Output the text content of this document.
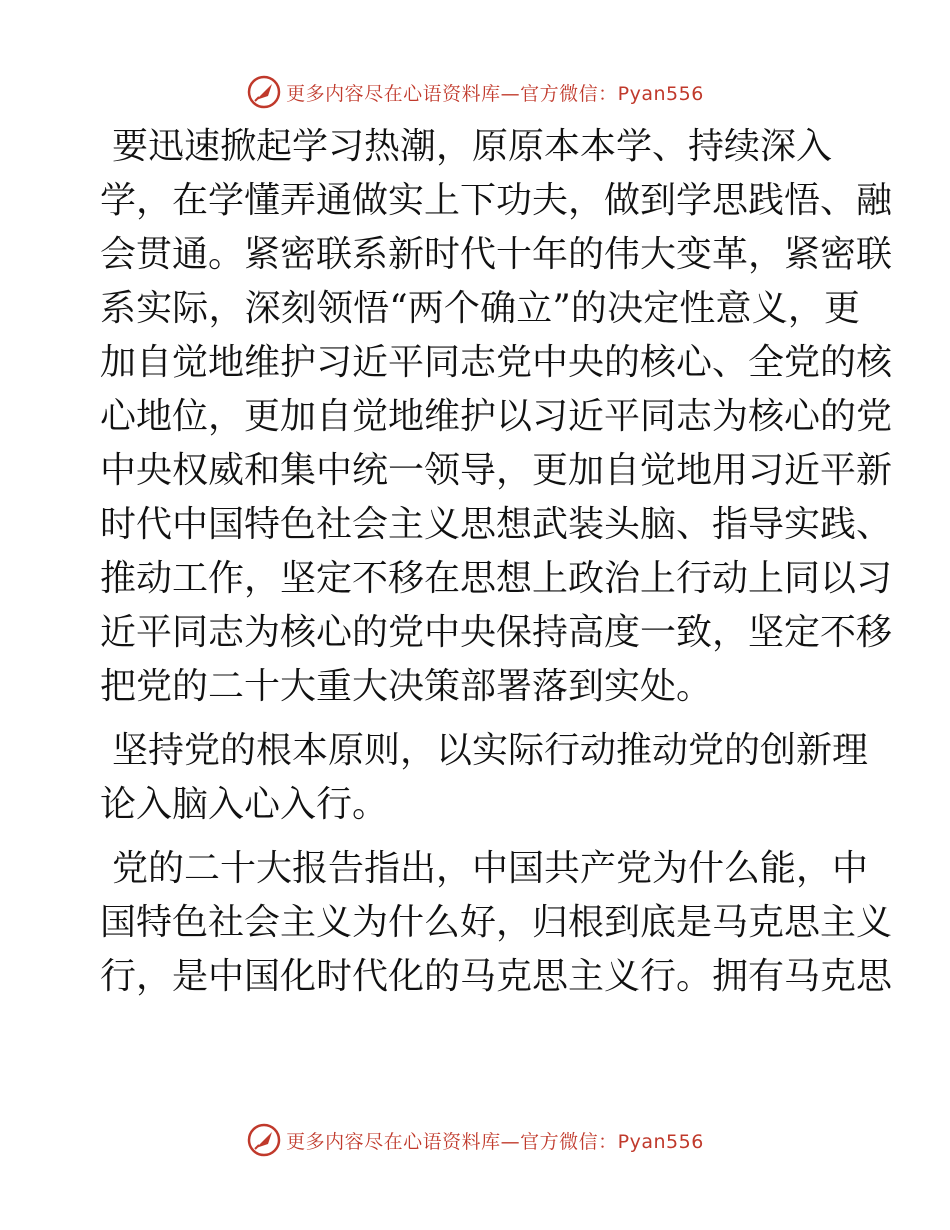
更多内容尽在心语资料库—官方微信：Pyan556
要迅速掀起学习热潮，原原本本学、持续深入
学，在学懂弄通做实上下功夫，做到学思践悟、融
会贯通。紧密联系新时代十年的伟大变革，紧密联
系实际，深刻领悟“两个确立”的决定性意义，更
加自觉地维护习近平同志党中央的核心、全党的核
心地位，更加自觉地维护以习近平同志为核心的党
中央权威和集中统一领导，更加自觉地用习近平新
时代中国特色社会主义思想武装头脑、指导实践、
推动工作，坚定不移在思想上政治上行动上同以习
近平同志为核心的党中央保持高度一致，坚定不移
把党的二十大重大决策部署落到实处。
坚持党的根本原则，以实际行动推动党的创新理
论入脑入心入行。
党的二十大报告指出，中国共产党为什么能，中
国特色社会主义为什么好，归根到底是马克思主义
行，是中国化时代化的马克思主义行。拥有马克思
更多内容尽在心语资料库—官方微信：Pyan556
